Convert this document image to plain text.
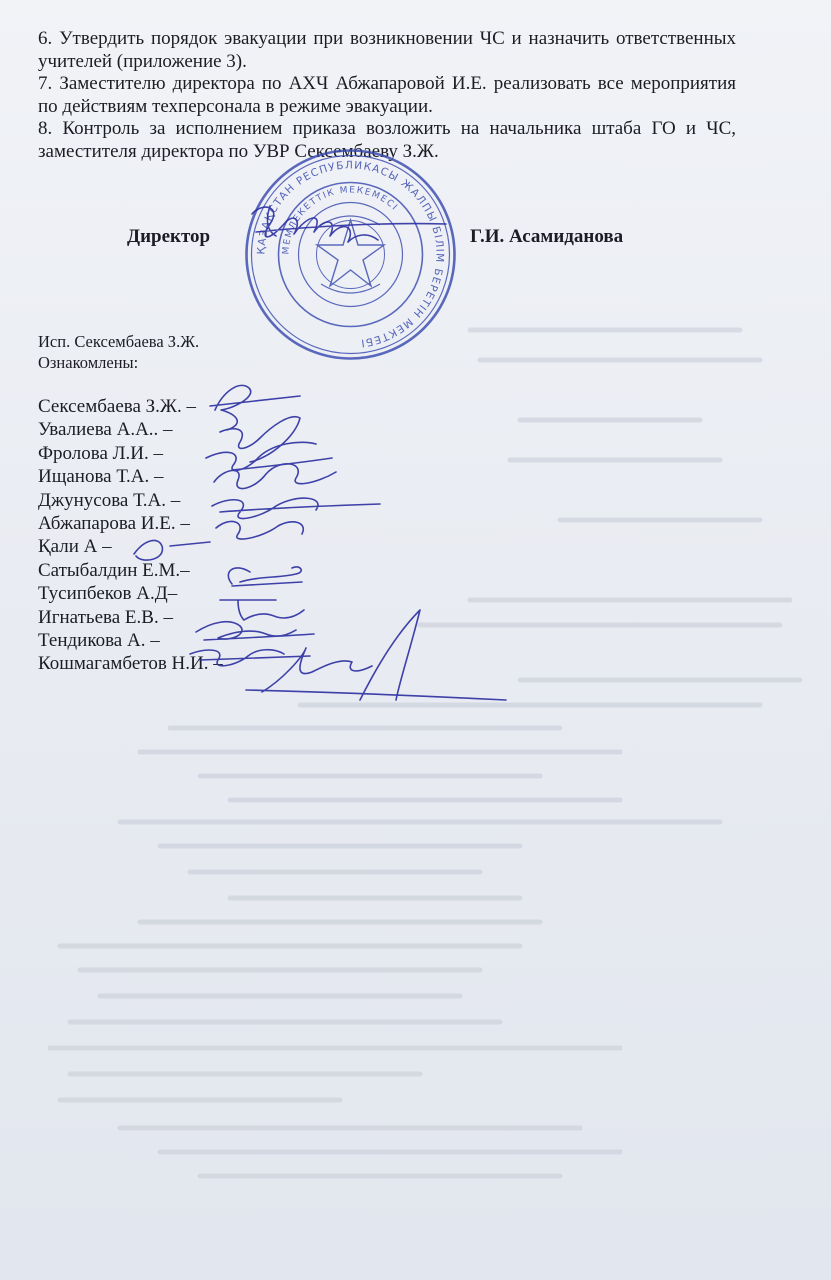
6. Утвердить порядок эвакуации при возникновении ЧС и назначить ответственных учителей (приложение 3).

7. Заместителю директора по АХЧ Абжапаровой И.Е. реализовать все мероприятия по действиям техперсонала в режиме эвакуации.

8. Контроль за исполнением приказа возложить на начальника штаба ГО и ЧС, заместителя директора по УВР Сексембаеву З.Ж.

ҚАЗАҚСТАН РЕСПУБЛИКАСЫ ЖАЛПЫ БІЛІМ БЕРЕТІН МЕКТЕБІ
МЕМЛЕКЕТТІК МЕКЕМЕСІ
Директор	Г.И. Асамиданова
Исп. Сексембаева З.Ж.
Ознакомлены:
Сексембаева З.Ж. –
Увалиева А.А.. –
Фролова Л.И. –
Ищанова Т.А. –
Джунусова Т.А. –
Абжапарова И.Е. –
Қали А –
Сатыбалдин Е.М.–
Тусипбеков А.Д–
Игнатьева Е.В. –
Тендикова А. –
Кошмагамбетов Н.И. –
